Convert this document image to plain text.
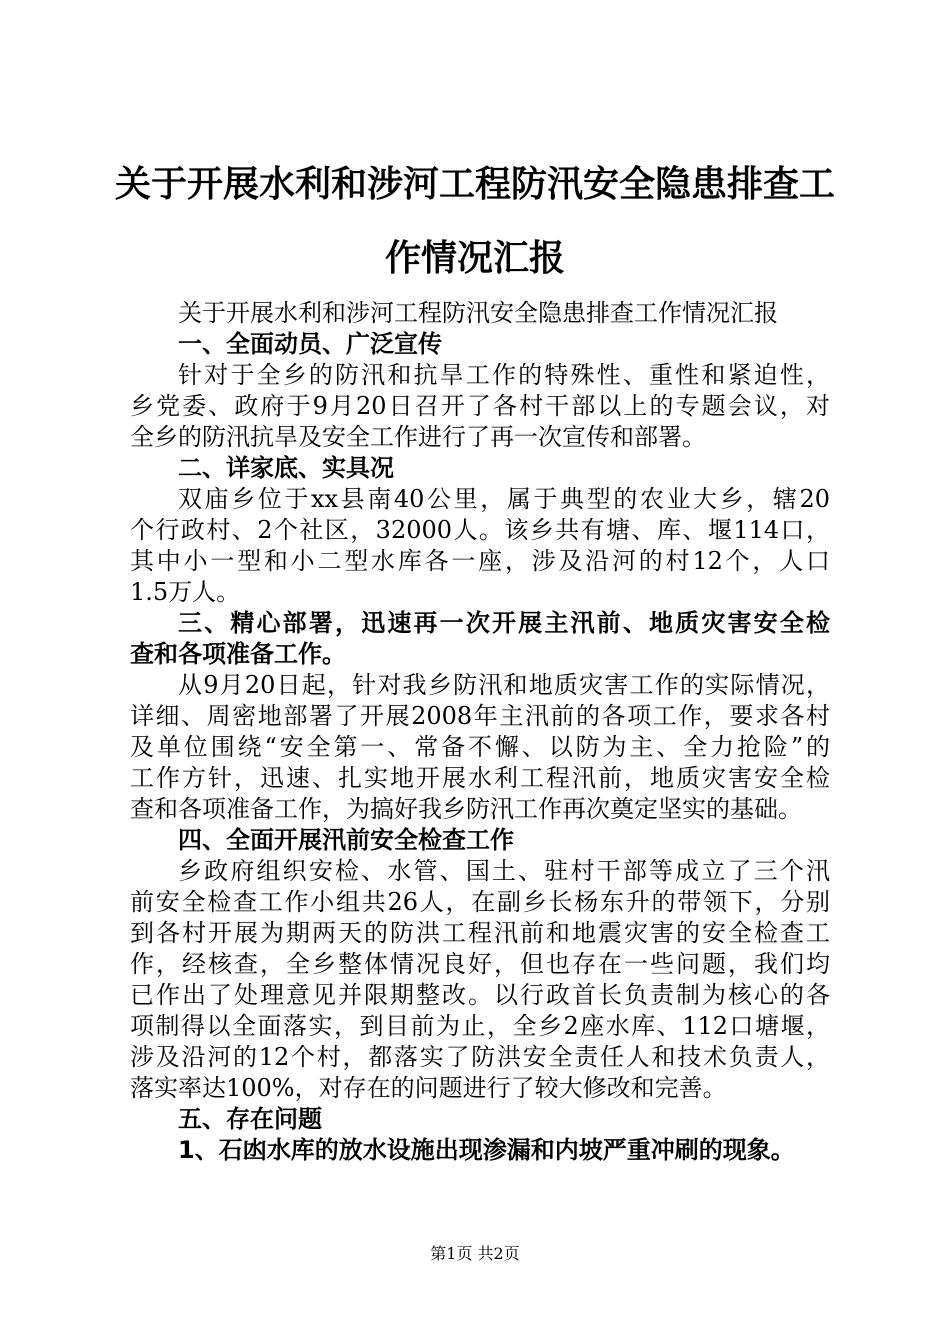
关于开展水利和涉河工程防汛安全隐患排查工
作情况汇报
关于开展水利和涉河工程防汛安全隐患排查工作情况汇报
一、全面动员、广泛宣传
针对于全乡的防汛和抗旱工作的特殊性、重性和紧迫性，
乡党委、政府于9月20日召开了各村干部以上的专题会议，对
全乡的防汛抗旱及安全工作进行了再一次宣传和部署。
二、详家底、实具况
双庙乡位于xx县南40公里，属于典型的农业大乡，辖20
个行政村、2个社区，32000人。该乡共有塘、库、堰114口，
其中小一型和小二型水库各一座，涉及沿河的村12个，人口
1.5万人。
三、精心部署，迅速再一次开展主汛前、地质灾害安全检
查和各项准备工作。
从9月20日起，针对我乡防汛和地质灾害工作的实际情况，
详细、周密地部署了开展2008年主汛前的各项工作，要求各村
及单位围绕“安全第一、常备不懈、以防为主、全力抢险”的
工作方针，迅速、扎实地开展水利工程汛前，地质灾害安全检
查和各项准备工作，为搞好我乡防汛工作再次奠定坚实的基础。
四、全面开展汛前安全检查工作
乡政府组织安检、水管、国土、驻村干部等成立了三个汛
前安全检查工作小组共26人，在副乡长杨东升的带领下，分别
到各村开展为期两天的防洪工程汛前和地震灾害的安全检查工
作，经核查，全乡整体情况良好，但也存在一些问题，我们均
已作出了处理意见并限期整改。以行政首长负责制为核心的各
项制得以全面落实，到目前为止，全乡2座水库、112口塘堰，
涉及沿河的12个村，都落实了防洪安全责任人和技术负责人，
落实率达100%，对存在的问题进行了较大修改和完善。
五、存在问题
1、石凼水库的放水设施出现渗漏和内坡严重冲刷的现象。
第1页 共2页
